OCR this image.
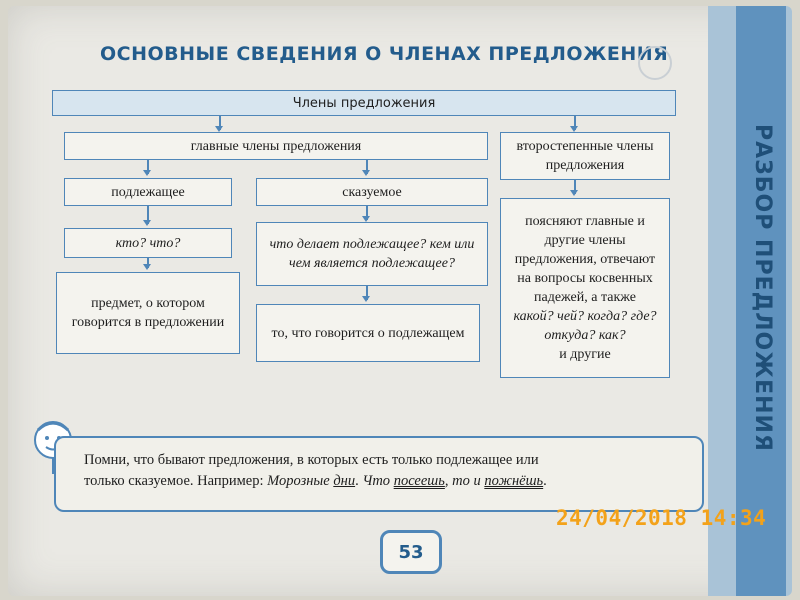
РАЗБОР ПРЕДЛОЖЕНИЯ
ОСНОВНЫЕ СВЕДЕНИЯ О ЧЛЕНАХ ПРЕДЛОЖЕНИЯ
Члены предложения
главные члены предложения	второстепенные члены предложения
подлежащее	сказуемое
кто? что?	что делает подлежащее? кем или чем является подлежащее?
предмет, о котором говорится в предложении
то, что говорится о подлежащем
поясняют главные и другие члены предложения, отвечают на вопросы косвенных падежей, а также
какой? чей? когда? где? откуда? как?
и другие
Помни, что бывают предложения, в которых есть только подлежащее или
только сказуемое. Например: Морозные дни. Что посеешь, то и пожнёшь.
53
24/04/2018 14:34
